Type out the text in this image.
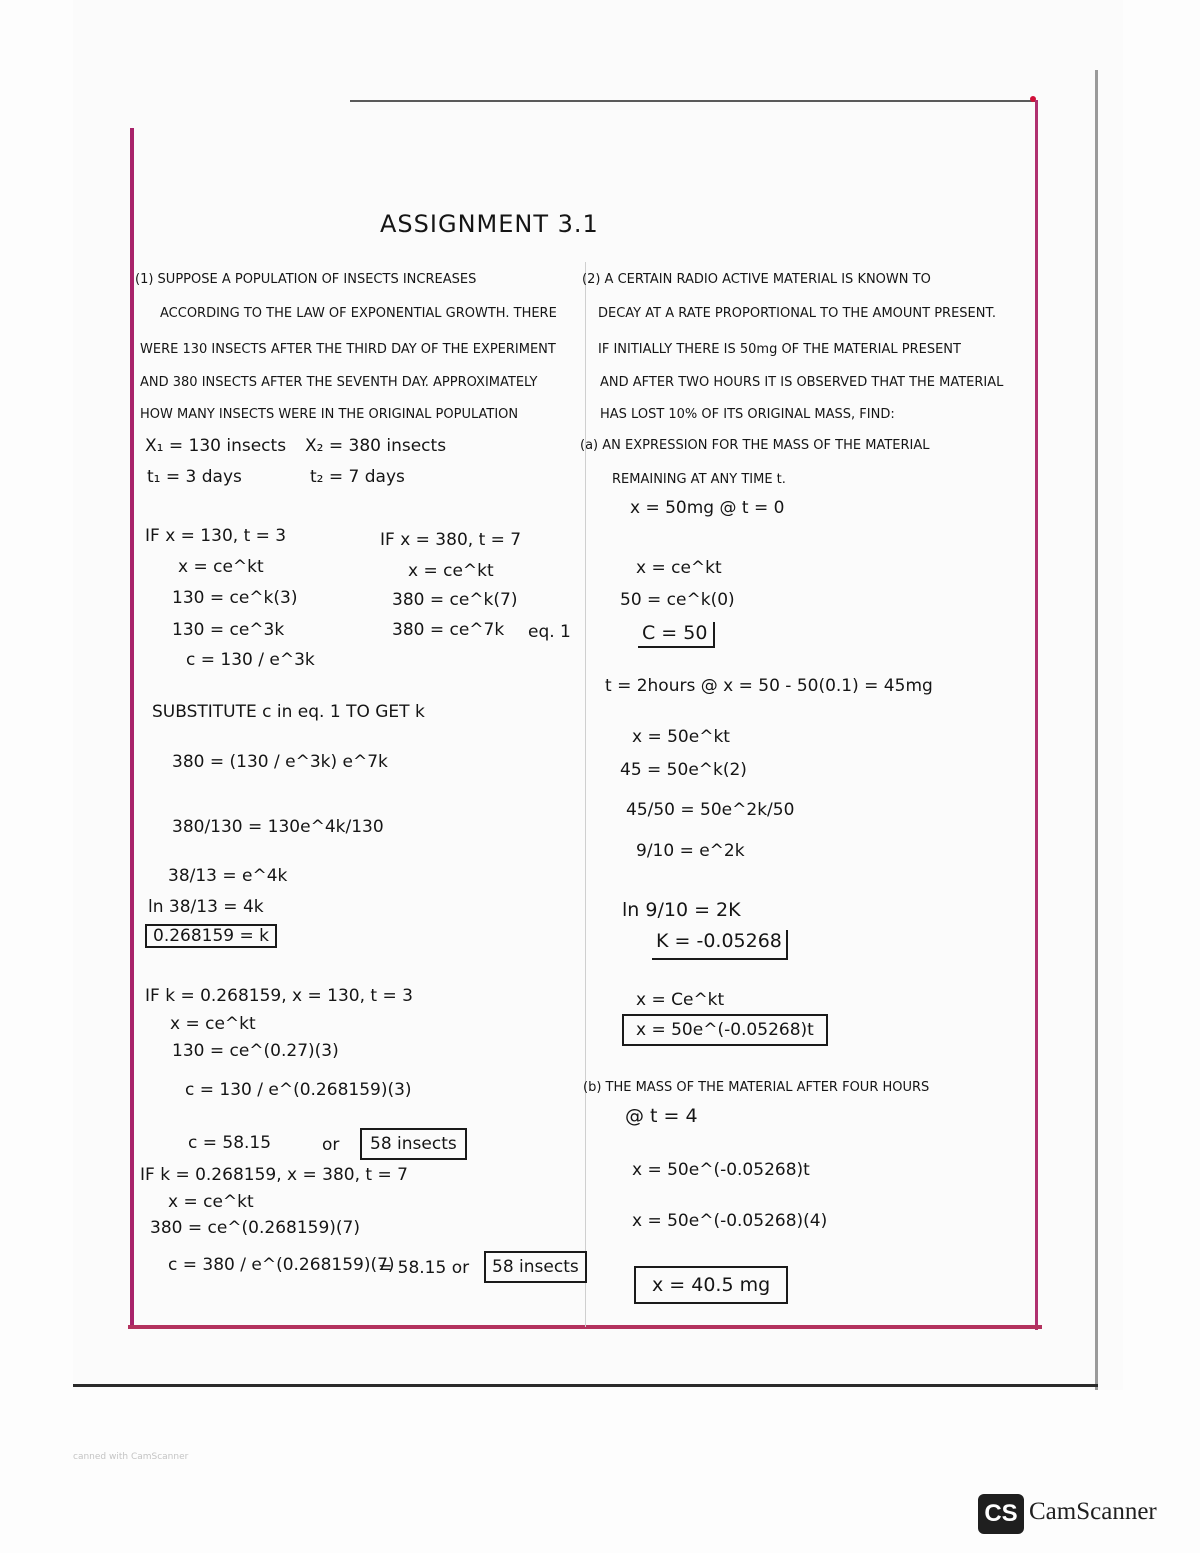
ASSIGNMENT 3.1
(1) SUPPOSE A POPULATION OF INSECTS INCREASES
ACCORDING TO THE LAW OF EXPONENTIAL GROWTH. THERE
WERE 130 INSECTS AFTER THE THIRD DAY OF THE EXPERIMENT
AND 380 INSECTS AFTER THE SEVENTH DAY. APPROXIMATELY
HOW MANY INSECTS WERE IN THE ORIGINAL POPULATION
X₁ = 130 insects X₂ = 380 insects
t₁ = 3 days	t₂ = 7 days
IF x = 130, t = 3
x = ce^kt
130 = ce^k(3)
130 = ce^3k
c = 130 / e^3k
IF x = 380, t = 7
x = ce^kt
380 = ce^k(7)
380 = ce^7k eq. 1
SUBSTITUTE c in eq. 1 TO GET k
380 = (130 / e^3k) e^7k
380/130 = 130e^4k/130
38/13 = e^4k
ln 38/13 = 4k
0.268159 = k
IF k = 0.268159, x = 130, t = 3
x = ce^kt
130 = ce^(0.27)(3)
c = 130 / e^(0.268159)(3)
c = 58.15	or	58 insects
IF k = 0.268159, x = 380, t = 7
x = ce^kt
380 = ce^(0.268159)(7)
c = 380 / e^(0.268159)(7)
= 58.15 or	58 insects
(2) A CERTAIN RADIO ACTIVE MATERIAL IS KNOWN TO
DECAY AT A RATE PROPORTIONAL TO THE AMOUNT PRESENT.
IF INITIALLY THERE IS 50mg OF THE MATERIAL PRESENT
AND AFTER TWO HOURS IT IS OBSERVED THAT THE MATERIAL
HAS LOST 10% OF ITS ORIGINAL MASS, FIND:
(a) AN EXPRESSION FOR THE MASS OF THE MATERIAL
REMAINING AT ANY TIME t.
x = 50mg @ t = 0
x = ce^kt
50 = ce^k(0)
C = 50
t = 2hours @ x = 50 - 50(0.1) = 45mg
x = 50e^kt
45 = 50e^k(2)
45/50 = 50e^2k/50
9/10 = e^2k
ln 9/10 = 2K
K = -0.05268
x = Ce^kt
x = 50e^(-0.05268)t
(b) THE MASS OF THE MATERIAL AFTER FOUR HOURS
@ t = 4
x = 50e^(-0.05268)t
x = 50e^(-0.05268)(4)
x = 40.5 mg
canned with CamScanner
CS CamScanner
